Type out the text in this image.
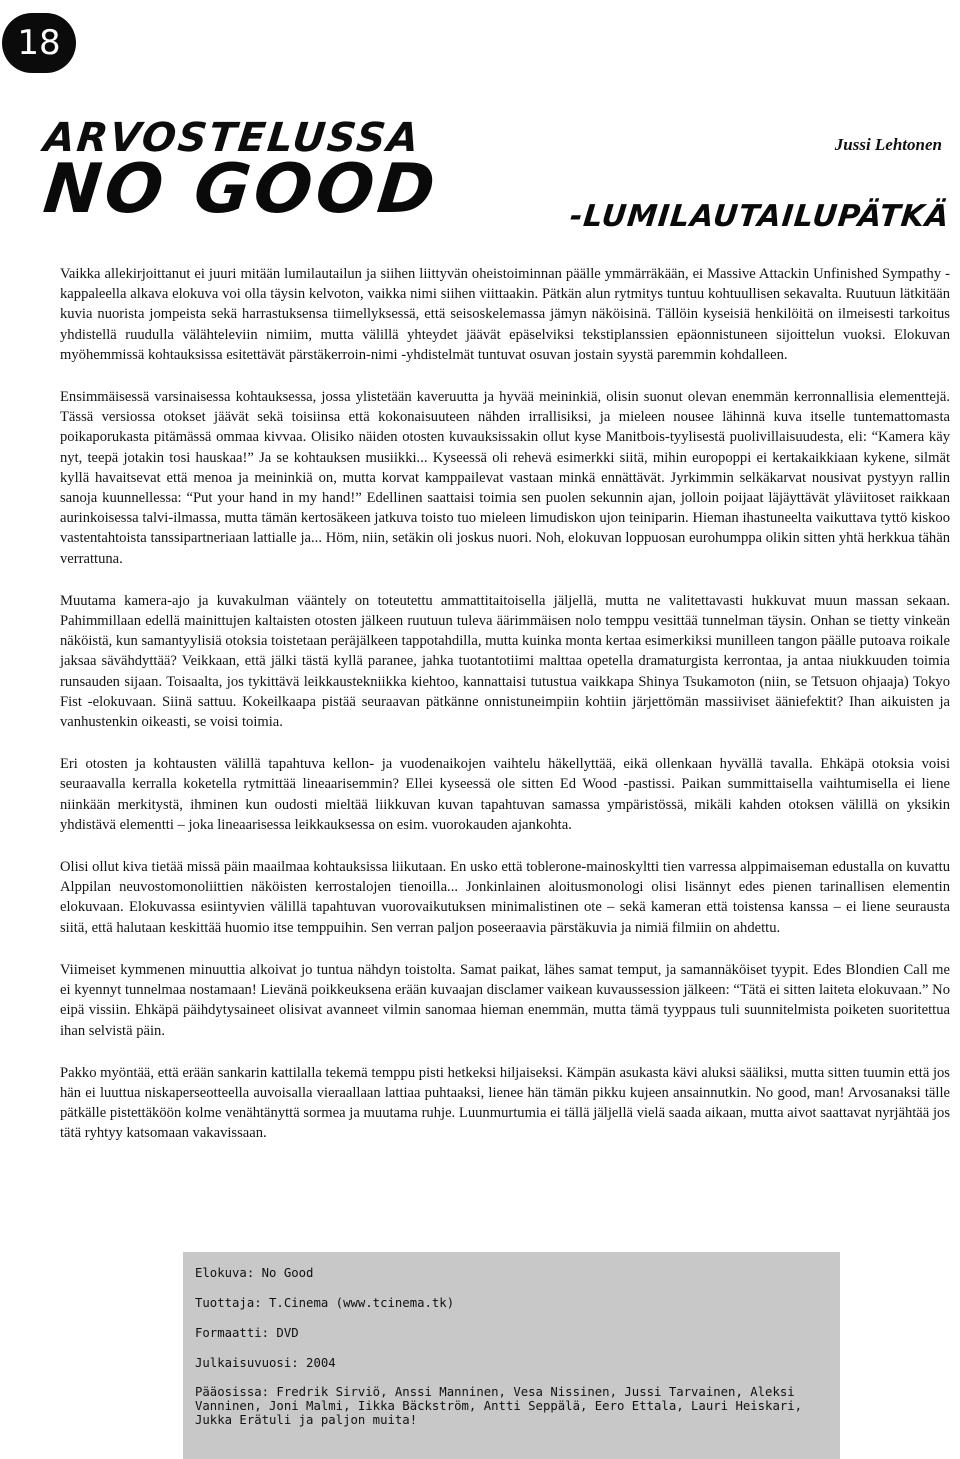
18
ARVOSTELUSSA
NO GOOD	-LUMILAUTAILUPÄTKÄ
Jussi Lehtonen

Vaikka allekirjoittanut ei juuri mitään lumilautailun ja siihen liittyvän oheistoiminnan päälle ymmärräkään, ei Massive Attackin Unfinished Sympathy -kappaleella alkava elokuva voi olla täysin kelvoton, vaikka nimi siihen viittaakin. Pätkän alun rytmitys tuntuu kohtuullisen sekavalta. Ruutuun lätkitään kuvia nuorista jompeista sekä harrastuksensa tiimellyksessä, että seisoskelemassa jämyn näköisinä. Tällöin kyseisiä henkilöitä on ilmeisesti tarkoitus yhdistellä ruudulla välähteleviin nimiim, mutta välillä yhteydet jäävät epäselviksi tekstiplanssien epäonnistuneen sijoittelun vuoksi. Elokuvan myöhemmissä kohtauksissa esitettävät pärstäkerroin-nimi -yhdistelmät tuntuvat osuvan jostain syystä paremmin kohdalleen.

Ensimmäisessä varsinaisessa kohtauksessa, jossa ylistetään kaveruutta ja hyvää meininkiä, olisin suonut olevan enemmän kerronnallisia elementtejä. Tässä versiossa otokset jäävät sekä toisiinsa että kokonaisuuteen nähden irrallisiksi, ja mieleen nousee lähinnä kuva itselle tuntemattomasta poikaporukasta pitämässä ommaa kivvaa. Olisiko näiden otosten kuvauksissakin ollut kyse Manitbois-tyylisestä puolivillaisuudesta, eli: “Kamera käy nyt, teepä jotakin tosi hauskaa!” Ja se kohtauksen musiikki... Kyseessä oli rehevä esimerkki siitä, mihin europoppi ei kertakaikkiaan kykene, silmät kyllä havaitsevat että menoa ja meininkiä on, mutta korvat kamppailevat vastaan minkä ennättävät. Jyrkimmin selkäkarvat nousivat pystyyn rallin sanoja kuunnellessa: “Put your hand in my hand!” Edellinen saattaisi toimia sen puolen sekunnin ajan, jolloin poijaat läjäyttävät yläviitoset raikkaan aurinkoisessa talvi-ilmassa, mutta tämän kertosäkeen jatkuva toisto tuo mieleen limudiskon ujon teiniparin. Hieman ihastuneelta vaikuttava tyttö kiskoo vastentahtoista tanssipartneriaan lattialle ja... Höm, niin, setäkin oli joskus nuori. Noh, elokuvan loppuosan eurohumppa olikin sitten yhtä herkkua tähän verrattuna.

Muutama kamera-ajo ja kuvakulman vääntely on toteutettu ammattitaitoisella jäljellä, mutta ne valitettavasti hukkuvat muun massan sekaan. Pahimmillaan edellä mainittujen kaltaisten otosten jälkeen ruutuun tuleva äärimmäisen nolo temppu vesittää tunnelman täysin. Onhan se tietty vinkeän näköistä, kun samantyylisiä otoksia toistetaan peräjälkeen tappotahdilla, mutta kuinka monta kertaa esimerkiksi munilleen tangon päälle putoava roikale jaksaa sävähdyttää? Veikkaan, että jälki tästä kyllä paranee, jahka tuotantotiimi malttaa opetella dramaturgista kerrontaa, ja antaa niukkuuden toimia runsauden sijaan. Toisaalta, jos tykittävä leikkaustekniikka kiehtoo, kannattaisi tutustua vaikkapa Shinya Tsukamoton (niin, se Tetsuon ohjaaja) Tokyo Fist -elokuvaan. Siinä sattuu. Kokeilkaapa pistää seuraavan pätkänne onnistuneimpiin kohtiin järjettömän massiiviset ääniefektit? Ihan aikuisten ja vanhustenkin oikeasti, se voisi toimia.

Eri otosten ja kohtausten välillä tapahtuva kellon- ja vuodenaikojen vaihtelu häkellyttää, eikä ollenkaan hyvällä tavalla. Ehkäpä otoksia voisi seuraavalla kerralla koketella rytmittää lineaarisemmin? Ellei kyseessä ole sitten Ed Wood -pastissi. Paikan summittaisella vaihtumisella ei liene niinkään merkitystä, ihminen kun oudosti mieltää liikkuvan kuvan tapahtuvan samassa ympäristössä, mikäli kahden otoksen välillä on yksikin yhdistävä elementti – joka lineaarisessa leikkauksessa on esim. vuorokauden ajankohta.

Olisi ollut kiva tietää missä päin maailmaa kohtauksissa liikutaan. En usko että toblerone-mainoskyltti tien varressa alppimaiseman edustalla on kuvattu Alppilan neuvostomonoliittien näköisten kerrostalojen tienoilla... Jonkinlainen aloitusmonologi olisi lisännyt edes pienen tarinallisen elementin elokuvaan. Elokuvassa esiintyvien välillä tapahtuvan vuorovaikutuksen minimalistinen ote – sekä kameran että toistensa kanssa – ei liene seurausta siitä, että halutaan keskittää huomio itse temppuihin. Sen verran paljon poseeraavia pärstäkuvia ja nimiä filmiin on ahdettu.

Viimeiset kymmenen minuuttia alkoivat jo tuntua nähdyn toistolta. Samat paikat, lähes samat temput, ja samannäköiset tyypit. Edes Blondien Call me ei kyennyt tunnelmaa nostamaan! Lievänä poikkeuksena erään kuvaajan disclamer vaikean kuvaussession jälkeen: “Tätä ei sitten laiteta elokuvaan.” No eipä vissiin. Ehkäpä päihdytysaineet olisivat avanneet vilmin sanomaa hieman enemmän, mutta tämä tyyppaus tuli suunnitelmista poiketen suoritettua ihan selvistä päin.

Pakko myöntää, että erään sankarin kattilalla tekemä temppu pisti hetkeksi hiljaiseksi. Kämpän asukasta kävi aluksi sääliksi, mutta sitten tuumin että jos hän ei luuttua niskaperseotteella auvoisalla vieraallaan lattiaa puhtaaksi, lienee hän tämän pikku kujeen ansainnutkin. No good, man! Arvosanaksi tälle pätkälle pistettäköön kolme venähtänyttä sormea ja muutama ruhje. Luunmurtumia ei tällä jäljellä vielä saada aikaan, mutta aivot saattavat nyrjähtää jos tätä ryhtyy katsomaan vakavissaan.

Elokuva: No Good
Tuottaja: T.Cinema (www.tcinema.tk)
Formaatti: DVD
Julkaisuvuosi: 2004
Pääosissa: Fredrik Sirviö, Anssi Manninen, Vesa Nissinen, Jussi Tarvainen, Aleksi Vanninen, Joni Malmi, Iikka Bäckström, Antti Seppälä, Eero Ettala, Lauri Heiskari, Jukka Erätuli ja paljon muita!
